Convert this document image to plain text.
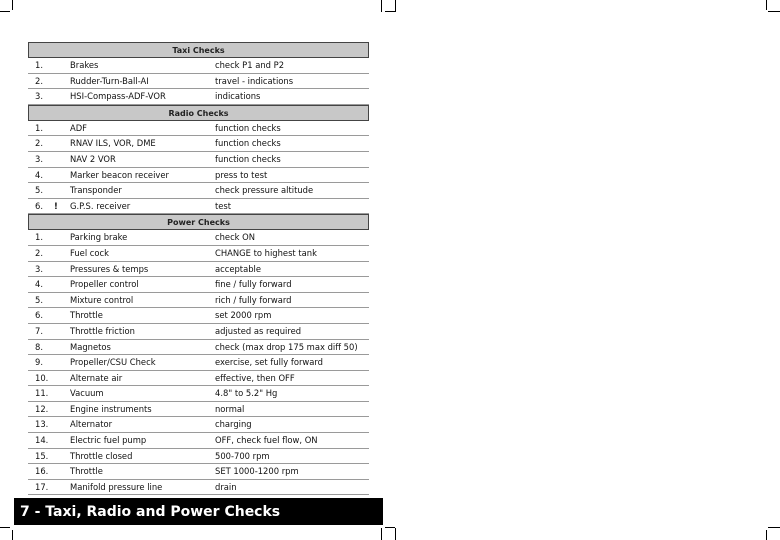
Taxi Checks
1.	Brakes	check P1 and P2
2.	Rudder-Turn-Ball-AI	travel - indications
3.	HSI-Compass-ADF-VOR	indications
Radio Checks
1.	ADF	function checks
2.	RNAV ILS, VOR, DME	function checks
3.	NAV 2 VOR	function checks
4.	Marker beacon receiver	press to test
5.	Transponder	check pressure altitude
6. ! G.P.S. receiver	test
Power Checks
1.	Parking brake	check ON
2.	Fuel cock	CHANGE to highest tank
3.	Pressures & temps	acceptable
4.	Propeller control	fine / fully forward
5.	Mixture control	rich / fully forward
6.	Throttle	set 2000 rpm
7.	Throttle friction	adjusted as required
8.	Magnetos	check (max drop 175 max diff 50)
9.	Propeller/CSU Check	exercise, set fully forward
10.	Alternate air	effective, then OFF
11.	Vacuum	4.8" to 5.2" Hg
12.	Engine instruments	normal
13.	Alternator	charging
14.	Electric fuel pump	OFF, check fuel flow, ON
15.	Throttle closed	500-700 rpm
16.	Throttle	SET 1000-1200 rpm
17.	Manifold pressure line	drain
7 - Taxi, Radio and Power Checks
